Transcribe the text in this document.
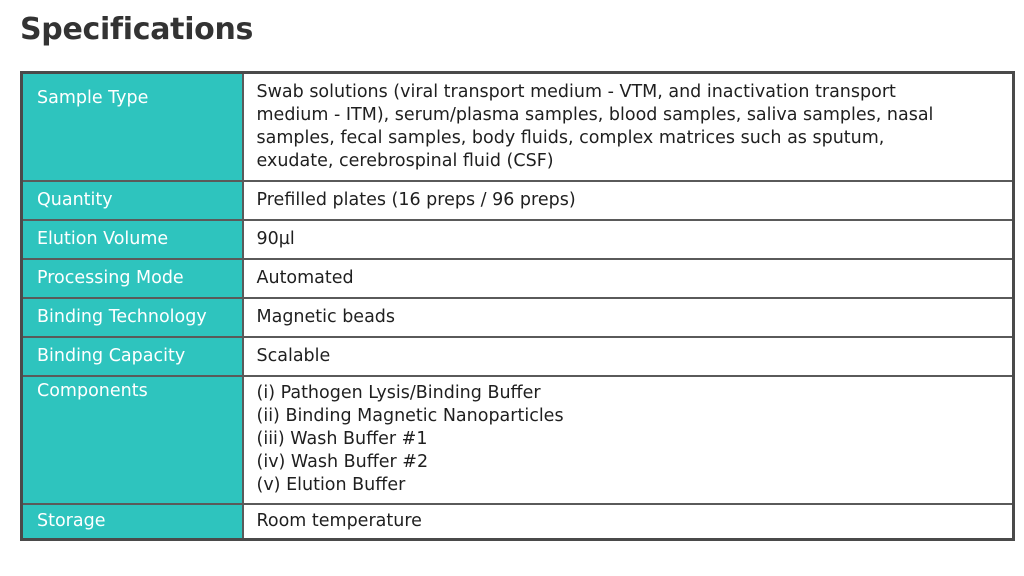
Specifications
Sample Type	Swab solutions (viral transport medium - VTM, and inactivation transport
medium - ITM), serum/plasma samples, blood samples, saliva samples, nasal
samples, fecal samples, body fluids, complex matrices such as sputum,
exudate, cerebrospinal fluid (CSF)

Quantity	Prefilled plates (16 preps / 96 preps)

Elution Volume	90µl

Processing Mode	Automated

Binding Technology	Magnetic beads

Binding Capacity	Scalable

Components	(i) Pathogen Lysis/Binding Buffer
(ii) Binding Magnetic Nanoparticles
(iii) Wash Buffer #1
(iv) Wash Buffer #2
(v) Elution Buffer

Storage	Room temperature
